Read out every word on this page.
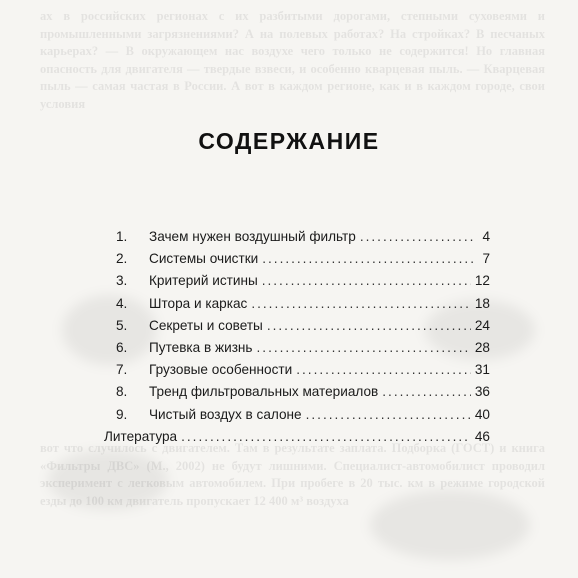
ах в российских регионах с их разбитыми дорогами, степными суховеями и промышленными загрязнениями? А на полевых работах? На стройках? В песчаных карьерах? — В окружающем нас воздухе чего только не содержится! Но главная опасность для двигателя — твердые взвеси, и особенно кварцевая пыль. — Кварцевая пыль — самая частая в России. А вот в каждом регионе, как и в каждом городе, свои условия

вот что случилось с двигателем. Там в результате заплата. Подборка (ГОСТ) и книга «Фильтры ДВС» (М., 2002) не будут лишними. Специалист-автомобилист проводил эксперимент с легковым автомобилем. При пробеге в 20 тыс. км в режиме городской езды до 100 км двигатель пропускает 12 400 м³ воздуха

СОДЕРЖАНИЕ
1.	Зачем нужен воздушный фильтр .....	4
2.	Системы очистки .....	7
3.	Критерий истины .....	12
4.	Штора и каркас .....	18
5.	Секреты и советы .....	24
6.	Путевка в жизнь .....	28
7.	Грузовые особенности .....	31
8.	Тренд фильтровальных материалов .....	36
9.	Чистый воздух в салоне .....	40
Литература .....	46
